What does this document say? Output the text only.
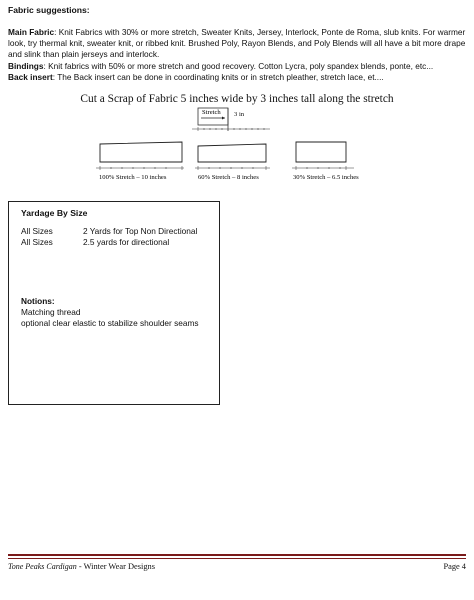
Fabric suggestions:

Main Fabric: Knit Fabrics with 30% or more stretch, Sweater Knits, Jersey, Interlock, Ponte de Roma, slub knits. For warmer look, try thermal knit, sweater knit, or ribbed knit. Brushed Poly, Rayon Blends, and Poly Blends will all have a bit more drape and slink than plain jerseys and interlock.

Bindings: Knit fabrics with 50% or more stretch and good recovery. Cotton Lycra, poly spandex blends, ponte, etc...

Back insert: The Back insert can be done in coordinating knits or in stretch pleather, stretch lace, et....

Cut a Scrap of Fabric 5 inches wide by 3 inches tall along the stretch
Stretch 3 in
100% Stretch – 10 inches	60% Stretch – 8 inches	30% Stretch – 6.5 inches
Yardage By Size
All Sizes	2 Yards for Top Non Directional
All Sizes	2.5 yards for directional
Notions:
Matching thread
optional clear elastic to stabilize shoulder seams
Tone Peaks Cardigan - Winter Wear Designs	Page 4
